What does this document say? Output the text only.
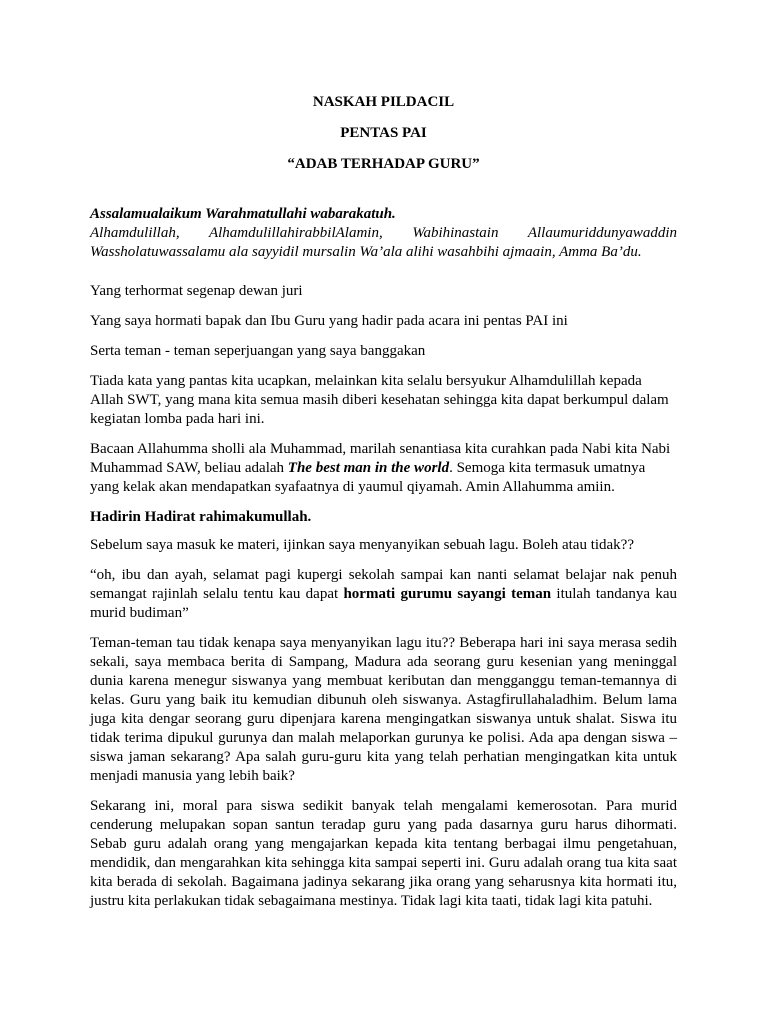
NASKAH PILDACIL

PENTAS PAI

“ADAB TERHADAP GURU”

Assalamualaikum Warahmatullahi wabarakatuh.

Alhamdulillah, AlhamdulillahirabbilAlamin, Wabihinastain Allaumuriddunyawaddin Wassholatuwassalamu ala sayyidil mursalin Wa’ala alihi wasahbihi ajmaain, Amma Ba’du.

Yang terhormat segenap dewan juri

Yang saya hormati bapak dan Ibu Guru yang hadir pada acara ini pentas PAI ini

Serta teman - teman seperjuangan yang saya banggakan

Tiada kata yang pantas kita ucapkan, melainkan kita selalu bersyukur Alhamdulillah kepada Allah SWT, yang mana kita semua masih diberi kesehatan sehingga kita dapat berkumpul dalam kegiatan lomba pada hari ini.

Bacaan Allahumma sholli ala Muhammad, marilah senantiasa kita curahkan pada Nabi kita Nabi Muhammad SAW, beliau adalah The best man in the world. Semoga kita termasuk umatnya yang kelak akan mendapatkan syafaatnya di yaumul qiyamah. Amin Allahumma amiin.

Hadirin Hadirat rahimakumullah.

Sebelum saya masuk ke materi, ijinkan saya menyanyikan sebuah lagu. Boleh atau tidak??

“oh, ibu dan ayah, selamat pagi kupergi sekolah sampai kan nanti selamat belajar nak penuh semangat rajinlah selalu tentu kau dapat hormati gurumu sayangi teman itulah tandanya kau murid budiman”

Teman-teman tau tidak kenapa saya menyanyikan lagu itu?? Beberapa hari ini saya merasa sedih sekali, saya membaca berita di Sampang, Madura ada seorang guru kesenian yang meninggal dunia karena menegur siswanya yang membuat keributan dan mengganggu teman-temannya di kelas. Guru yang baik itu kemudian dibunuh oleh siswanya. Astagfirullahaladhim. Belum lama juga kita dengar seorang guru dipenjara karena mengingatkan siswanya untuk shalat. Siswa itu tidak terima dipukul gurunya dan malah melaporkan gurunya ke polisi. Ada apa dengan siswa – siswa jaman sekarang? Apa salah guru-guru kita yang telah perhatian mengingatkan kita untuk menjadi manusia yang lebih baik?

Sekarang ini, moral para siswa sedikit banyak telah mengalami kemerosotan. Para murid cenderung melupakan sopan santun teradap guru yang pada dasarnya guru harus dihormati. Sebab guru adalah orang yang mengajarkan kepada kita tentang berbagai ilmu pengetahuan, mendidik, dan mengarahkan kita sehingga kita sampai seperti ini. Guru adalah orang tua kita saat kita berada di sekolah. Bagaimana jadinya sekarang jika orang yang seharusnya kita hormati itu, justru kita perlakukan tidak sebagaimana mestinya. Tidak lagi kita taati, tidak lagi kita patuhi.
